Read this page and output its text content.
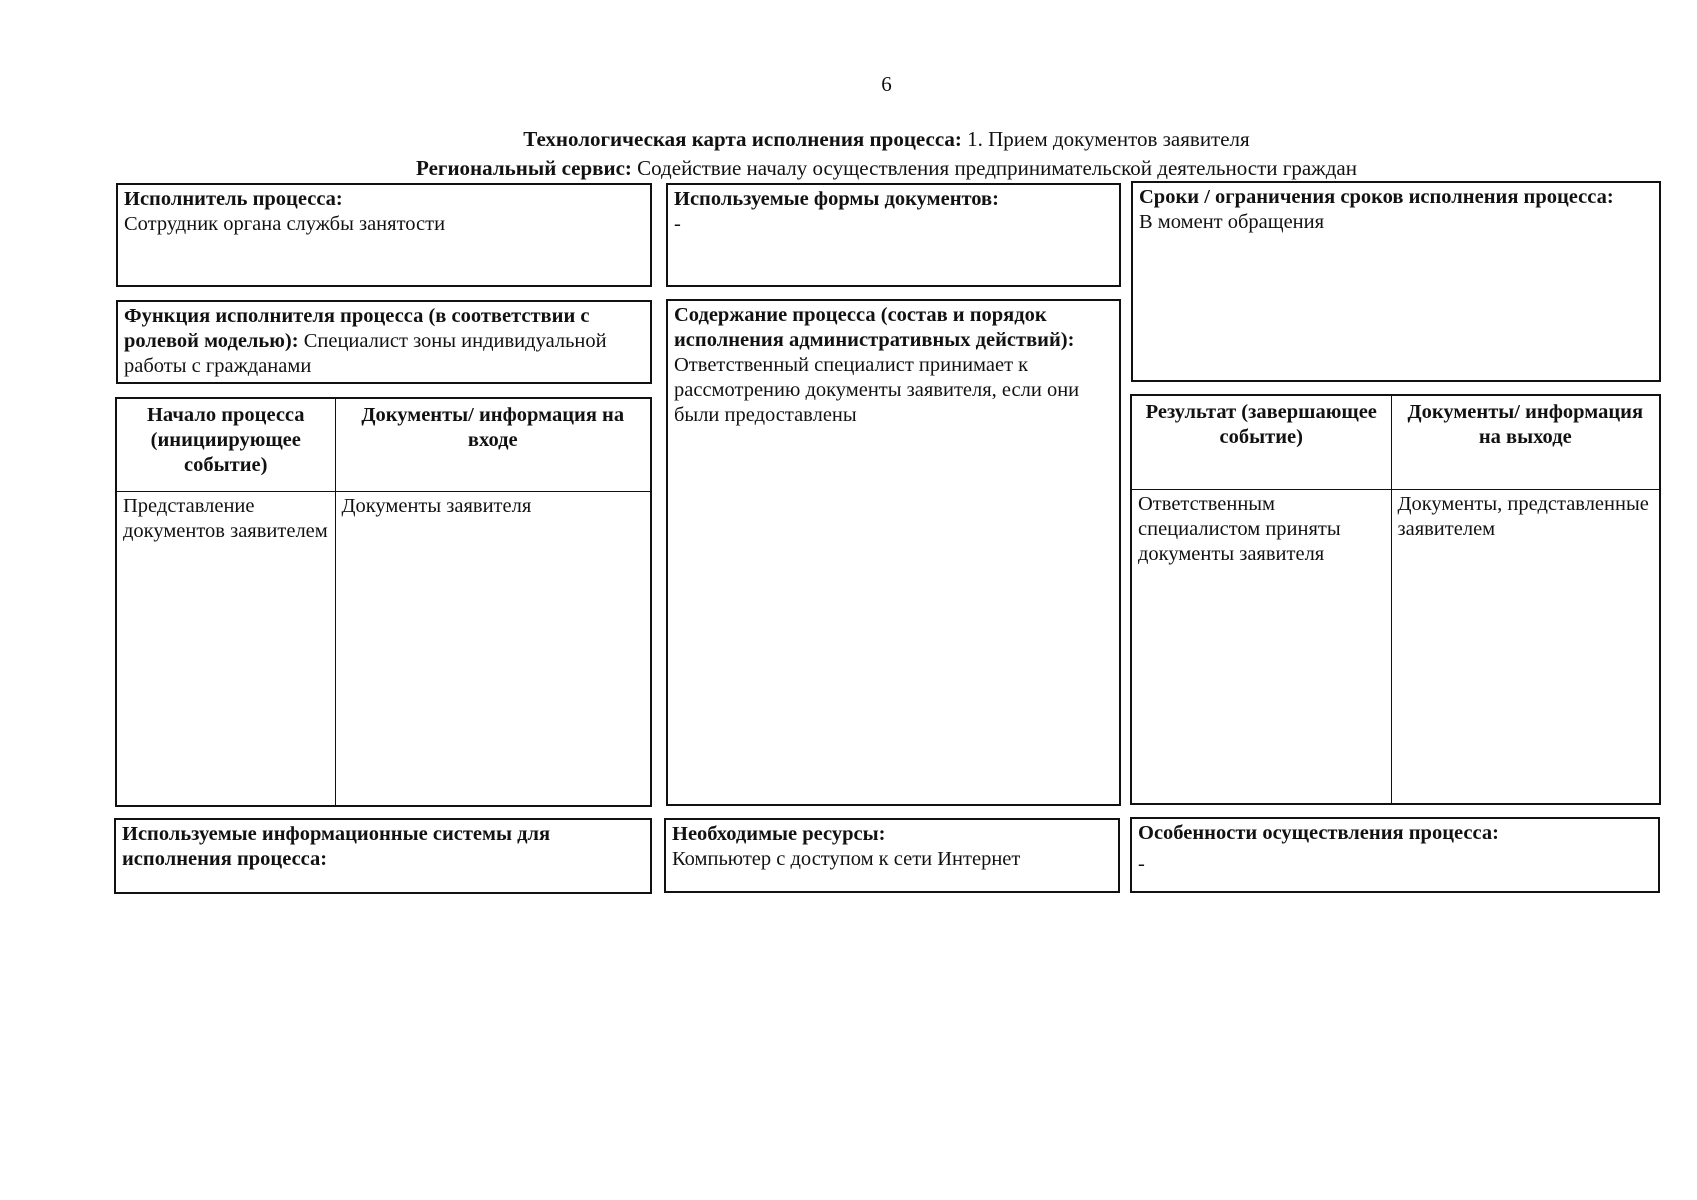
6
Технологическая карта исполнения процесса: 1. Прием документов заявителя
Региональный сервис: Содействие началу осуществления предпринимательской деятельности граждан
Исполнитель процесса:
Сотрудник органа службы занятости
Используемые формы документов:
-
Сроки / ограничения сроков исполнения процесса:
В момент обращения
Функция исполнителя процесса (в соответствии с ролевой моделью): Специалист зоны индивидуальной работы с гражданами
Содержание процесса (состав и порядок исполнения административных действий):
Ответственный специалист принимает к рассмотрению документы заявителя, если они были предоставлены
Начало процесса (инициирующее событие)	Документы/ информация на входе
Представление документов заявителем	Документы заявителя
Результат (завершающее событие)	Документы/ информация на выходе
Ответственным специалистом приняты документы заявителя	Документы, представленные заявителем
Используемые информационные системы для исполнения процесса:
Необходимые ресурсы:
Компьютер с доступом к сети Интернет
Особенности осуществления процесса:
-
